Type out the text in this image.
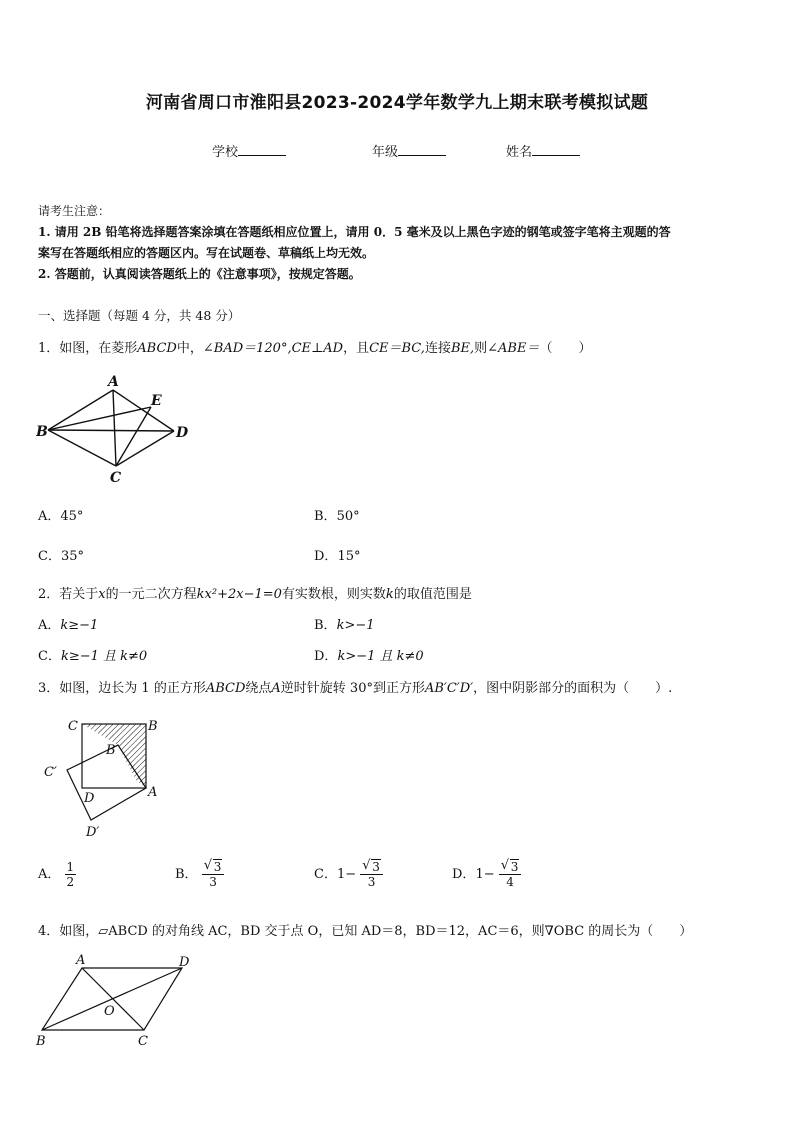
河南省周口市淮阳县2023-2024学年数学九上期末联考模拟试题
学校	年级	姓名
请考生注意：
1. 请用 2B 铅笔将选择题答案涂填在答题纸相应位置上，请用 0．5 毫米及以上黑色字迹的钢笔或签字笔将主观题的答
案写在答题纸相应的答题区内。写在试题卷、草稿纸上均无效。
2. 答题前，认真阅读答题纸上的《注意事项》，按规定答题。
一、选择题（每题 4 分，共 48 分）
1．如图，在菱形ABCD中，∠BAD＝120°,CE⊥AD，且CE＝BC,连接BE,则∠ABE＝（　　）
A
B
C
D
E
A．45°	B．50°
C．35°	D．15°
2．若关于x的一元二次方程kx²+2x−1=0有实数根，则实数k的取值范围是
A．k≥−1	B．k>−1
C．k≥−1 且 k≠0	D．k>−1 且 k≠0
3．如图，边长为 1 的正方形ABCD绕点A逆时针旋转 30°到正方形AB′C′D′，图中阴影部分的面积为（　　）.
C	B
B′
C′
D	A
D′
A． $\frac{1}{2}$	B． √ $\frac{3}{3}$	C．1− √ $\frac{3}{3}$	D．1− √ $\frac{3}{4}$
4．如图，▱ABCD 的对角线 AC，BD 交于点 O，已知 AD＝8，BD＝12，AC＝6，则∇OBC 的周长为（　　）
A	D
O
B	C
